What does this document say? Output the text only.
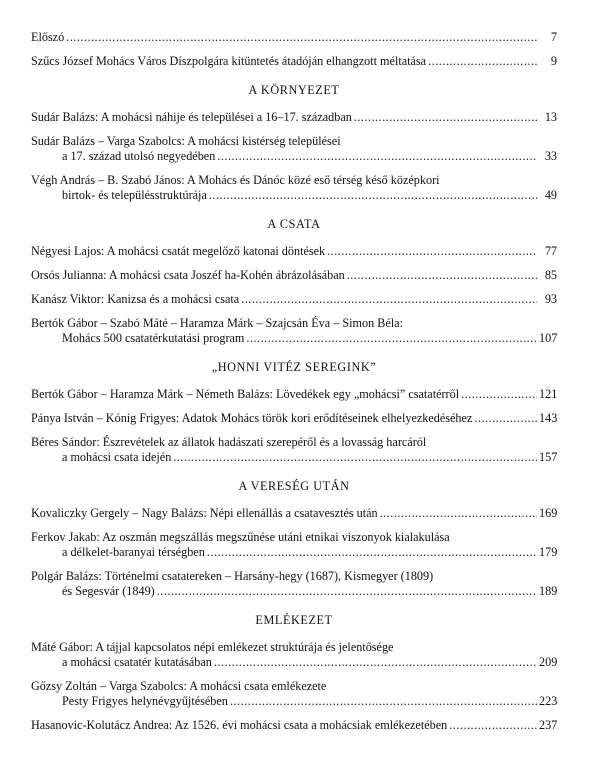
Előszó .....	7
Szűcs József Mohács Város Díszpolgára kitüntetés átadóján elhangzott méltatása .....	9
A KÖRNYEZET
Sudár Balázs: A mohácsi náhije és települései a 16–17. században .....	13
Sudár Balázs – Varga Szabolcs: A mohácsi kistérség települései
a 17. század utolsó negyedében .....	33
Végh András – B. Szabó János: A Mohács és Dánóc közé eső térség késő középkori
birtok- és településstruktúrája .....	49
A CSATA
Négyesi Lajos: A mohácsi csatát megelőző katonai döntések .....	77
Orsós Julianna: A mohácsi csata Joszéf ha-Kohén ábrázolásában .....	85
Kanász Viktor: Kanizsa és a mohácsi csata .....	93
Bertók Gábor – Szabó Máté – Haramza Márk – Szajcsán Éva – Simon Béla:
Mohács 500 csatatérkutatási program .....	107
„HONNI VITÉZ SEREGINK”
Bertók Gábor – Haramza Márk – Németh Balázs: Lövedékek egy „mohácsi” csatatérről .....	121
Pánya István – Kónig Frigyes: Adatok Mohács török kori erődítéseinek elhelyezkedéséhez .....	143
Béres Sándor: Észrevételek az állatok hadászati szerepéről és a lovasság harcáról
a mohácsi csata idején .....	157
A VERESÉG UTÁN
Kovaliczky Gergely – Nagy Balázs: Népi ellenállás a csatavesztés után .....	169
Ferkov Jakab: Az oszmán megszállás megszűnése utáni etnikai viszonyok kialakulása
a délkelet-baranyai térségben .....	179
Polgár Balázs: Történelmi csatatereken – Harsány-hegy (1687), Kismegyer (1809)
és Segesvár (1849) .....	189
EMLÉKEZET
Máté Gábor: A tájjal kapcsolatos népi emlékezet struktúrája és jelentősége
a mohácsi csatatér kutatásában .....	209
Gőzsy Zoltán – Varga Szabolcs: A mohácsi csata emlékezete
Pesty Frigyes helynévgyűjtésében .....	223
Hasanovic-Kolutácz Andrea: Az 1526. évi mohácsi csata a mohácsiak emlékezetében .....	237
